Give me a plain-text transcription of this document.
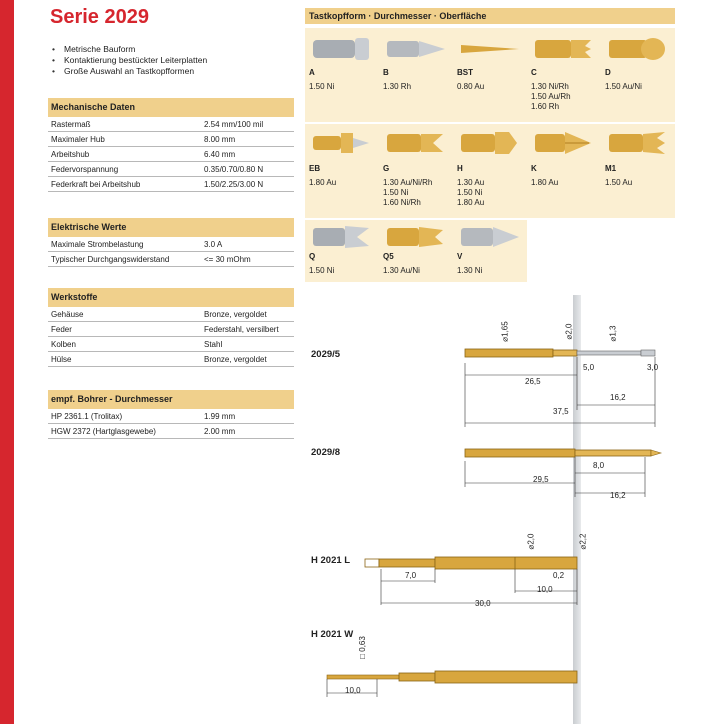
Serie 2029
• Metrische Bauform
• Kontaktierung bestückter Leiterplatten
• Große Auswahl an Tastkopfformen
Mechanische Daten
Rastermaß	2.54 mm/100 mil
Maximaler Hub	8.00 mm
Arbeitshub	6.40 mm
Federvorspannung	0.35/0.70/0.80 N
Federkraft bei Arbeitshub	1.50/2.25/3.00 N
Elektrische Werte
Maximale Strombelastung	3.0 A
Typischer Durchgangswiderstand	<= 30 mOhm
Werkstoffe
Gehäuse	Bronze, vergoldet
Feder	Federstahl, versilbert
Kolben	Stahl
Hülse	Bronze, vergoldet
empf. Bohrer - Durchmesser
HP 2361.1 (Trolitax)	1.99 mm
HGW 2372 (Hartglasgewebe)	2.00 mm
Tastkopfform · Durchmesser · Oberfläche
A
1.50 Ni
B
1.30 Rh
BST
0.80 Au
C
1.30 Ni/Rh
1.50 Au/Rh
1.60 Rh
D
1.50 Au/Ni
EB
1.80 Au
G
1.30 Au/Ni/Rh
1.50 Ni
1.60 Ni/Rh
H
1.30 Au
1.50 Ni
1.80 Au
K
1.80 Au
M1
1.50 Au
Q
1.50 Ni
Q5
1.30 Au/Ni
V
1.30 Ni
2029/5
⌀1,65	⌀2,0	⌀1,3
5,0	3,0
26,5
16,2
37,5
2029/8
8,0
29,5
16,2
H 2021 L
⌀2,0	⌀2,2
7,0	0,2
10,0
30,0
H 2021 W
□ 0,63
10,0
